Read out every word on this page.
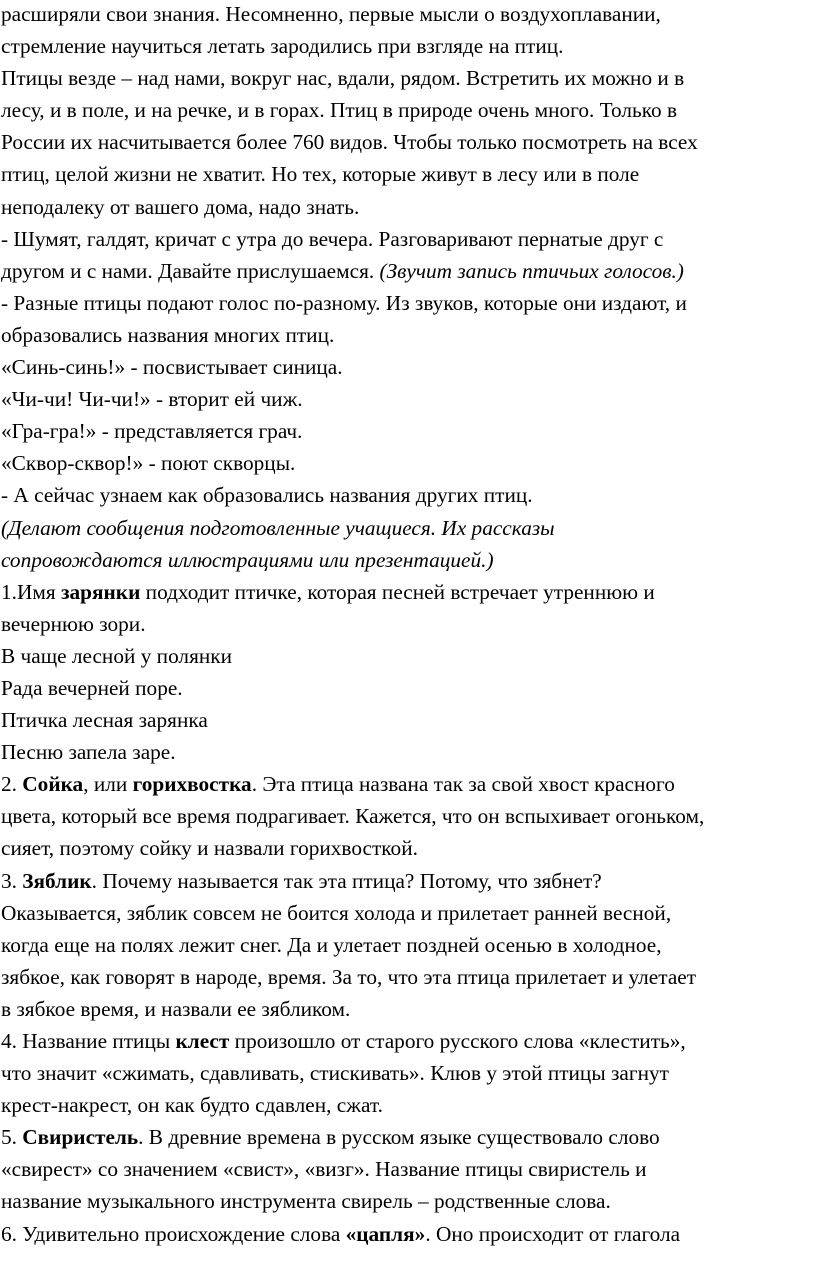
расширяли свои знания. Несомненно, первые мысли о воздухоплавании,
стремление научиться летать зародились при взгляде на птиц.
Птицы везде – над нами, вокруг нас, вдали, рядом. Встретить их можно и в
лесу, и в поле, и на речке, и в горах. Птиц в природе очень много. Только в
России их насчитывается более 760 видов. Чтобы только посмотреть на всех
птиц, целой жизни не хватит. Но тех, которые живут в лесу или в поле
неподалеку от вашего дома, надо знать.
- Шумят, галдят, кричат с утра до вечера. Разговаривают пернатые друг с
другом и с нами. Давайте прислушаемся. (Звучит запись птичьих голосов.)
- Разные птицы подают голос по-разному. Из звуков, которые они издают, и
образовались названия многих птиц.
«Синь-синь!» - посвистывает синица.
«Чи-чи! Чи-чи!» - вторит ей чиж.
«Гра-гра!» - представляется грач.
«Сквор-сквор!» - поют скворцы.
- А сейчас узнаем как образовались названия других птиц.
(Делают сообщения подготовленные учащиеся. Их рассказы
сопровождаются иллюстрациями или презентацией.)
1.Имя зарянки подходит птичке, которая песней встречает утреннюю и
вечернюю зори.
В чаще лесной у полянки
Рада вечерней поре.
Птичка лесная зарянка
Песню запела заре.
2. Сойка, или горихвостка. Эта птица названа так за свой хвост красного
цвета, который все время подрагивает. Кажется, что он вспыхивает огоньком,
сияет, поэтому сойку и назвали горихвосткой.
3. Зяблик. Почему называется так эта птица? Потому, что зябнет?
Оказывается, зяблик совсем не боится холода и прилетает ранней весной,
когда еще на полях лежит снег. Да и улетает поздней осенью в холодное,
зябкое, как говорят в народе, время. За то, что эта птица прилетает и улетает
в зябкое время, и назвали ее зябликом.
4. Название птицы клест произошло от старого русского слова «клестить»,
что значит «сжимать, сдавливать, стискивать». Клюв у этой птицы загнут
крест-накрест, он как будто сдавлен, сжат.
5. Свиристель. В древние времена в русском языке существовало слово
«свирест» со значением «свист», «визг». Название птицы свиристель и
название музыкального инструмента свирель – родственные слова.
6. Удивительно происхождение слова «цапля». Оно происходит от глагола
